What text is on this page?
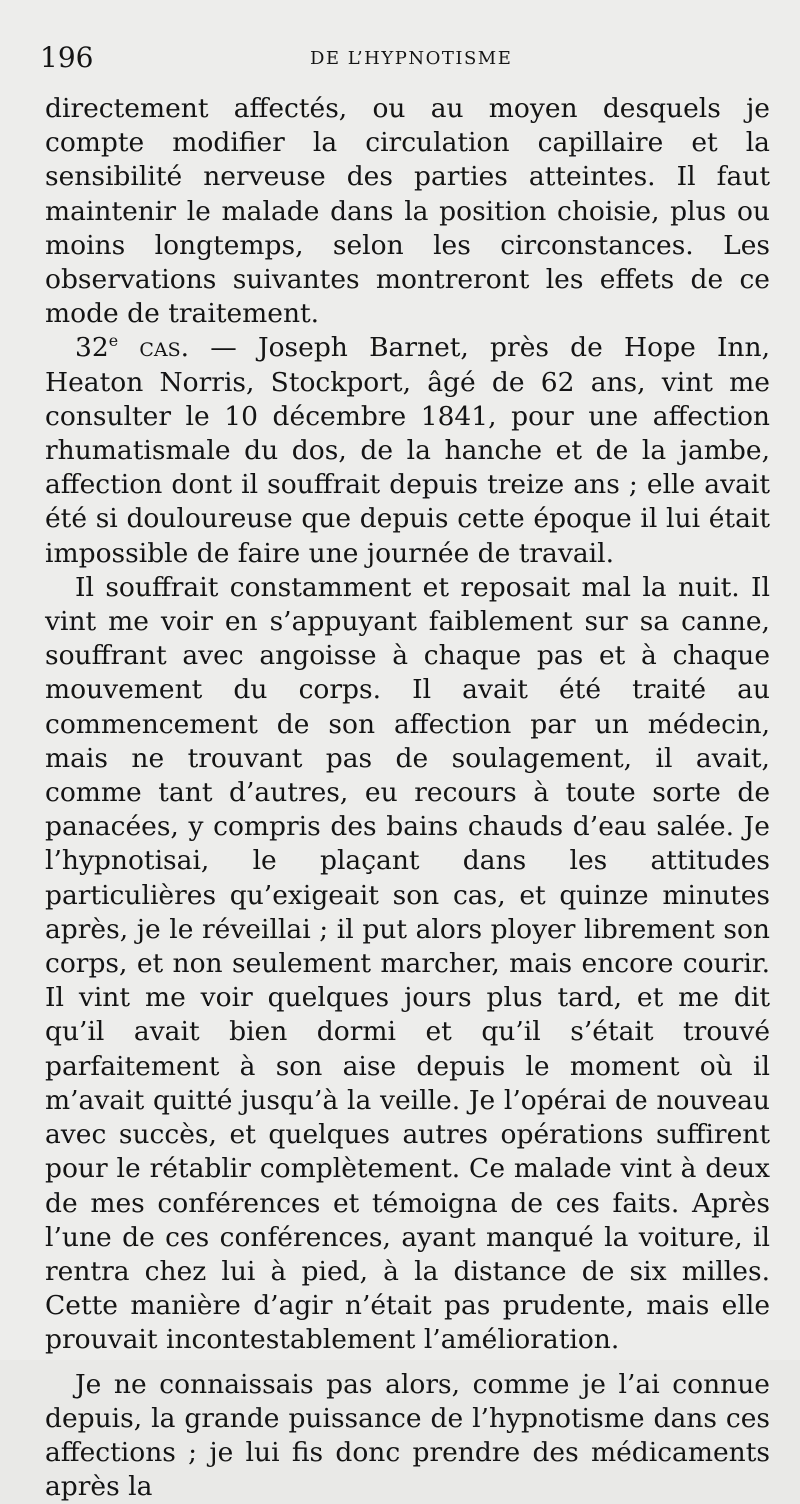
196	DE L’HYPNOTISME

directement affectés, ou au moyen desquels je compte modifier la circulation capillaire et la sensibilité nerveuse des parties atteintes. Il faut maintenir le malade dans la position choisie, plus ou moins longtemps, selon les circonstances. Les observations suivantes montreront les effets de ce mode de traitement.

32e cas. — Joseph Barnet, près de Hope Inn, Heaton Norris, Stockport, âgé de 62 ans, vint me consulter le 10 décembre 1841, pour une affection rhumatismale du dos, de la hanche et de la jambe, affection dont il souffrait depuis treize ans ; elle avait été si douloureuse que depuis cette époque il lui était impossible de faire une journée de travail.

Il souffrait constamment et reposait mal la nuit. Il vint me voir en s’appuyant faiblement sur sa canne, souffrant avec angoisse à chaque pas et à chaque mouvement du corps. Il avait été traité au commencement de son affection par un médecin, mais ne trouvant pas de soulagement, il avait, comme tant d’autres, eu recours à toute sorte de panacées, y compris des bains chauds d’eau salée. Je l’hypnotisai, le plaçant dans les attitudes particulières qu’exigeait son cas, et quinze minutes après, je le réveillai ; il put alors ployer librement son corps, et non seulement marcher, mais encore courir. Il vint me voir quelques jours plus tard, et me dit qu’il avait bien dormi et qu’il s’était trouvé parfaitement à son aise depuis le moment où il m’avait quitté jusqu’à la veille. Je l’opérai de nouveau avec succès, et quelques autres opérations suffirent pour le rétablir complètement. Ce malade vint à deux de mes conférences et témoigna de ces faits. Après l’une de ces conférences, ayant manqué la voiture, il rentra chez lui à pied, à la distance de six milles. Cette manière d’agir n’était pas prudente, mais elle prouvait incontestablement l’amélioration.

Je ne connaissais pas alors, comme je l’ai connue depuis, la grande puissance de l’hypnotisme dans ces affections ; je lui fis donc prendre des médicaments après la
